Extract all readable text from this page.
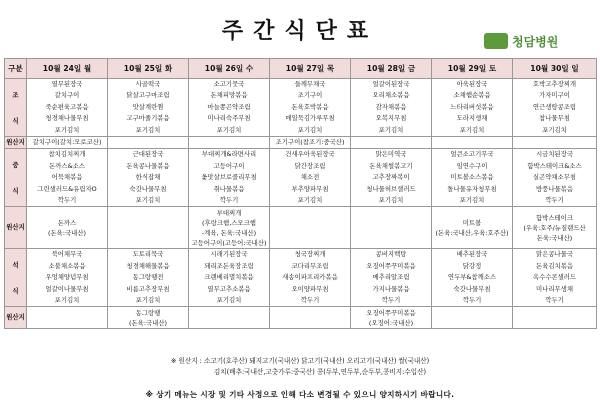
주간식단표	청담병원
구분	10월 24일 월	10월 25일 화	10월 26일 수	10월 27일 목	10월 28일 금	10월 29일 토	10월 30일 일

조
식	열무된장국
갈치구이
죽순편육고볶음
청경채나물무침
포기김치	사골떡국
닭살고구마조림
맛살계란찜
고구마줄기볶음
포기김치	소고기뭇국
돈채피망볶음
마늘쫑곤약조림
미나리숙주무침
포기김치	들깨무채국
조기구이
돈육호박볶음
매일묵김가루무침
포기김치	얼갈이된장국
오리채소볶음
감자채볶음
오복지무침
포기김치	아욱된장국
소채햄순볶음
느타리버섯볶음
도라지생채
포기김치	호박고추장찌개
가자미구이
연근생땅콩조림
참나물무침
포기김치

원산지	갈치구이(갈치:모로코산)			조기구이(참조기:중국산)			

중
식	참치김치찌개
돈까스&소스
어묵채볶음
그린샐러드&유림자O
깍두기	근대된장국
돈육콩나물볶음
한식잡채
숙갓나물무침
포기김치	부대찌개&라면사리
고등어구이
옻맛살브로콜리무침
취나물볶음
깍두기	건새우아욱된장국
닭간장조림
채소전
부추양파무침
포기김치	맑은미역국
돈육채썰볶고기
고추장짜복이
청나물허브샐러드
포기김치	얼큰소고기무국
임연수구이
미트볼소스볶음
돌나물유자청무침
포기김치	시금치된장국
함박스테이크&소스
실곤약채소무침
방풍나물볶음
깍두기

원산지	돈까스
(돈육:국내산)		부대찌개
(후랑크햄,스모크햄
-계육, 돈육:국내산)
고등어구이(고등어:국내산)			미트볼
(돈육:국내산,우육:호주산)	함박스테이크
(우육:호주/뉴질랜드산
돈육:국내산)

석
식	북어채무국
소불채소볶음
우엉채양념무침
얼갈이나물무침
포기김치	도토리묵국
청경채해물볶음
동그랑땡전
비름고추장무침
포기김치	시래기된장국
돼리조돈육장조림
크랜베리멸치볶음
열무고추소볶음
포기김치	청국장찌개
코다리무조림
새송이파프리카볶음
오이양파무침
깍두기	콩비지백탕
오징어쭈꾸미볶음
메추리알조림
가지나물볶음
깍두기	배추된장국
닭강정
연두부&참깨소스
숙갓나물무침
깍두기	맑은콩나물국
돈육김치볶음
옥수수콘샐러드
미나리무생채
깍두기

원산지		동그랑땡
(돈육:국내산)			오징어쭈꾸미볶음
(오징어:국내산)		

※ 원산지 : 소고기(호주산) 돼지고기(국내산) 닭고기(국내산) 오리고기(국내산) 쌀(국내산)
김치(배추:국내산,고춧가루:중국산) 콩(두부,연두부,순두부,콩비지:수입산)
※ 상기 메뉴는 시장 및 기타 사정으로 인해 다소 변경될 수 있으니 양지하시기 바랍니다.
